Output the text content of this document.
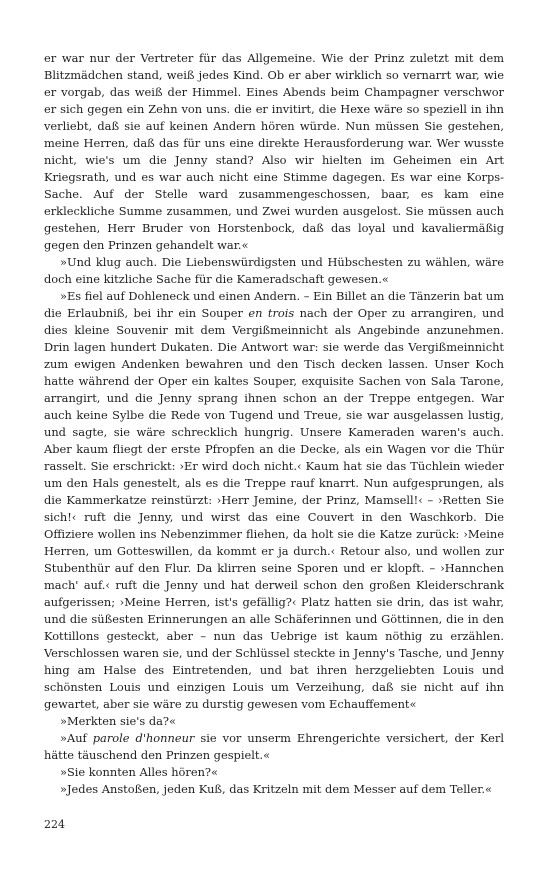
er war nur der Vertreter für das Allgemeine. Wie der Prinz zuletzt mit dem Blitzmädchen stand, weiß jedes Kind. Ob er aber wirklich so vernarrt war, wie er vorgab, das weiß der Himmel. Eines Abends beim Champagner verschwor er sich gegen ein Zehn von uns. die er invitirt, die Hexe wäre so speziell in ihn verliebt, daß sie auf keinen Andern hören würde. Nun müssen Sie gestehen, meine Herren, daß das für uns eine direkte Herausforderung war. Wer wusste nicht, wie's um die Jenny stand? Also wir hielten im Geheimen ein Art Kriegsrath, und es war auch nicht eine Stimme dagegen. Es war eine Korps-Sache. Auf der Stelle ward zusammengeschossen, baar, es kam eine erkleckliche Summe zusammen, und Zwei wurden ausgelost. Sie müssen auch gestehen, Herr Bruder von Horstenbock, daß das loyal und kavaliermäßig gegen den Prinzen gehandelt war.«

»Und klug auch. Die Liebenswürdigsten und Hübschesten zu wählen, wäre doch eine kitzliche Sache für die Kameradschaft gewesen.«

»Es fiel auf Dohleneck und einen Andern. – Ein Billet an die Tänzerin bat um die Erlaubniß, bei ihr ein Souper en trois nach der Oper zu arrangiren, und dies kleine Souvenir mit dem Vergißmeinnicht als Angebinde anzunehmen. Drin lagen hundert Dukaten. Die Antwort war: sie werde das Vergißmeinnicht zum ewigen Andenken bewahren und den Tisch decken lassen. Unser Koch hatte während der Oper ein kaltes Souper, exquisite Sachen von Sala Tarone, arrangirt, und die Jenny sprang ihnen schon an der Treppe entgegen. War auch keine Sylbe die Rede von Tugend und Treue, sie war ausgelassen lustig, und sagte, sie wäre schrecklich hungrig. Unsere Kameraden waren's auch. Aber kaum fliegt der erste Pfropfen an die Decke, als ein Wagen vor die Thür rasselt. Sie erschrickt: ›Er wird doch nicht.‹ Kaum hat sie das Tüchlein wieder um den Hals genestelt, als es die Treppe rauf knarrt. Nun aufgesprungen, als die Kammerkatze reinstürzt: ›Herr Jemine, der Prinz, Mamsell!‹ – ›Retten Sie sich!‹ ruft die Jenny, und wirst das eine Couvert in den Waschkorb. Die Offiziere wollen ins Nebenzimmer fliehen, da holt sie die Katze zurück: ›Meine Herren, um Gotteswillen, da kommt er ja durch.‹ Retour also, und wollen zur Stubenthür auf den Flur. Da klirren seine Sporen und er klopft. – ›Hannchen mach' auf.‹ ruft die Jenny und hat derweil schon den großen Kleiderschrank aufgerissen; ›Meine Herren, ist's gefällig?‹ Platz hatten sie drin, das ist wahr, und die süßesten Erinnerungen an alle Schäferinnen und Göttinnen, die in den Kottillons gesteckt, aber – nun das Uebrige ist kaum nöthig zu erzählen. Verschlossen waren sie, und der Schlüssel steckte in Jenny's Tasche, und Jenny hing am Halse des Eintretenden, und bat ihren herzgeliebten Louis und schönsten Louis und einzigen Louis um Verzeihung, daß sie nicht auf ihn gewartet, aber sie wäre zu durstig gewesen vom Echauffement«

»Merkten sie's da?«

»Auf parole d'honneur sie vor unserm Ehrengerichte versichert, der Kerl hätte täuschend den Prinzen gespielt.«

»Sie konnten Alles hören?«

»Jedes Anstoßen, jeden Kuß, das Kritzeln mit dem Messer auf dem Teller.«

224
